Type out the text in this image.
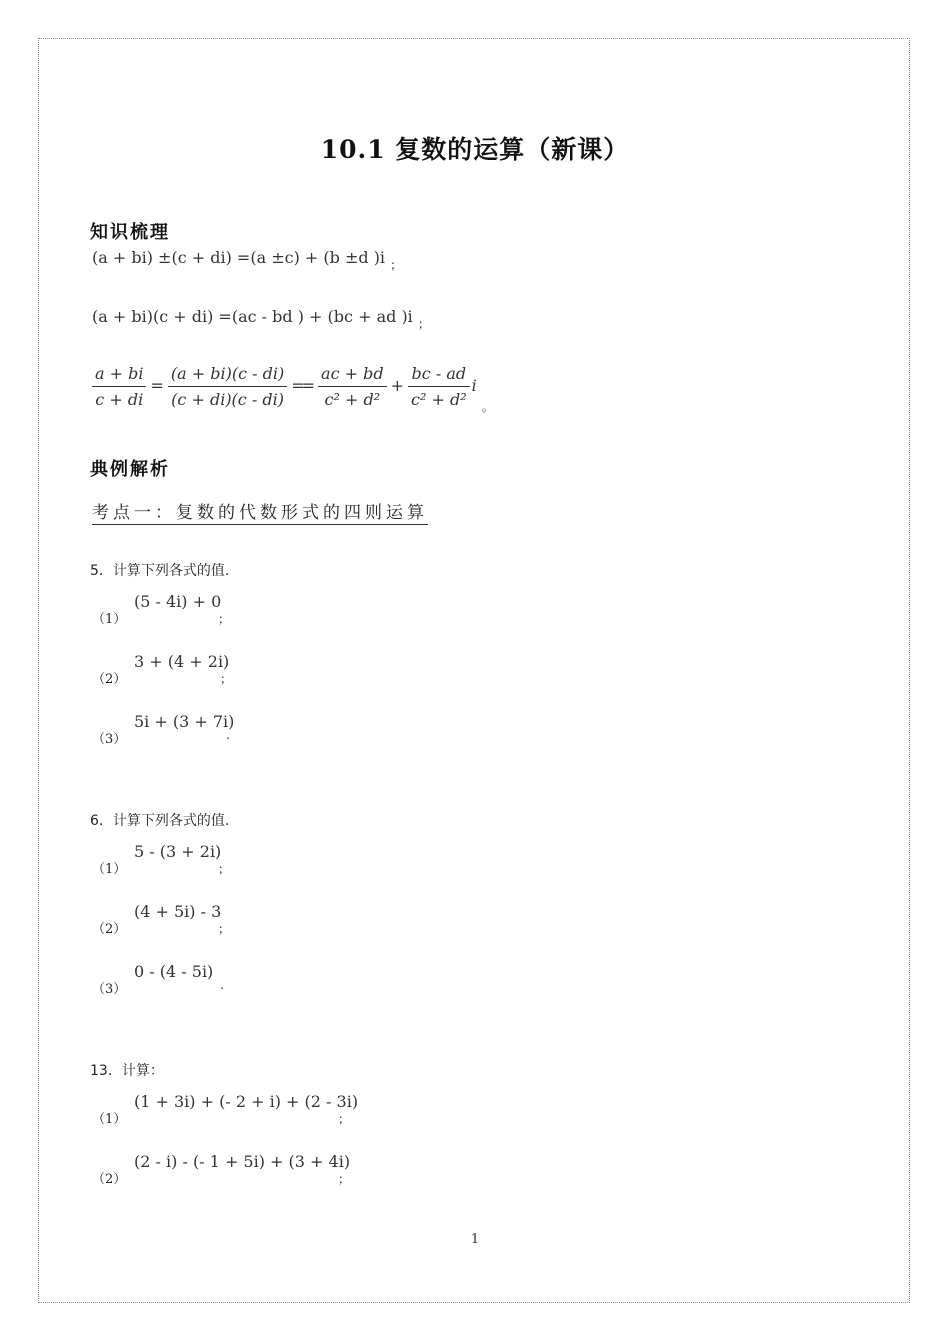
10.1 复数的运算（新课）
知识梳理
(a + bi) ±(c + di) =(a ±c) + (b ±d )i $_;$
(a + bi)(c + di) =(ac - bd ) + (bc + ad )i $_;$
$\frac{a + bi}{c + di} = \frac{(a + bi)(c - di)}{(c + di)(c - di)} == \frac{ac + bd}{\text{c² + d²}} + \frac{bc - ad}{\text{c² + d²}}$ i $_。$
典例解析
考点一：复数的代数形式的四则运算
5．计算下列各式的值.
（1）
(5 - 4i) + 0
；
（2）
3 + (4 + 2i)
；
（3）
5i + (3 + 7i)
.
6．计算下列各式的值.
（1）
5 - (3 + 2i)
；
（2）
(4 + 5i) - 3
；
（3）
0 - (4 - 5i)
.
13．计算：
（1）
(1 + 3i) + (- 2 + i) + (2 - 3i)
；
（2）
(2 - i) - (- 1 + 5i) + (3 + 4i)
；
1
